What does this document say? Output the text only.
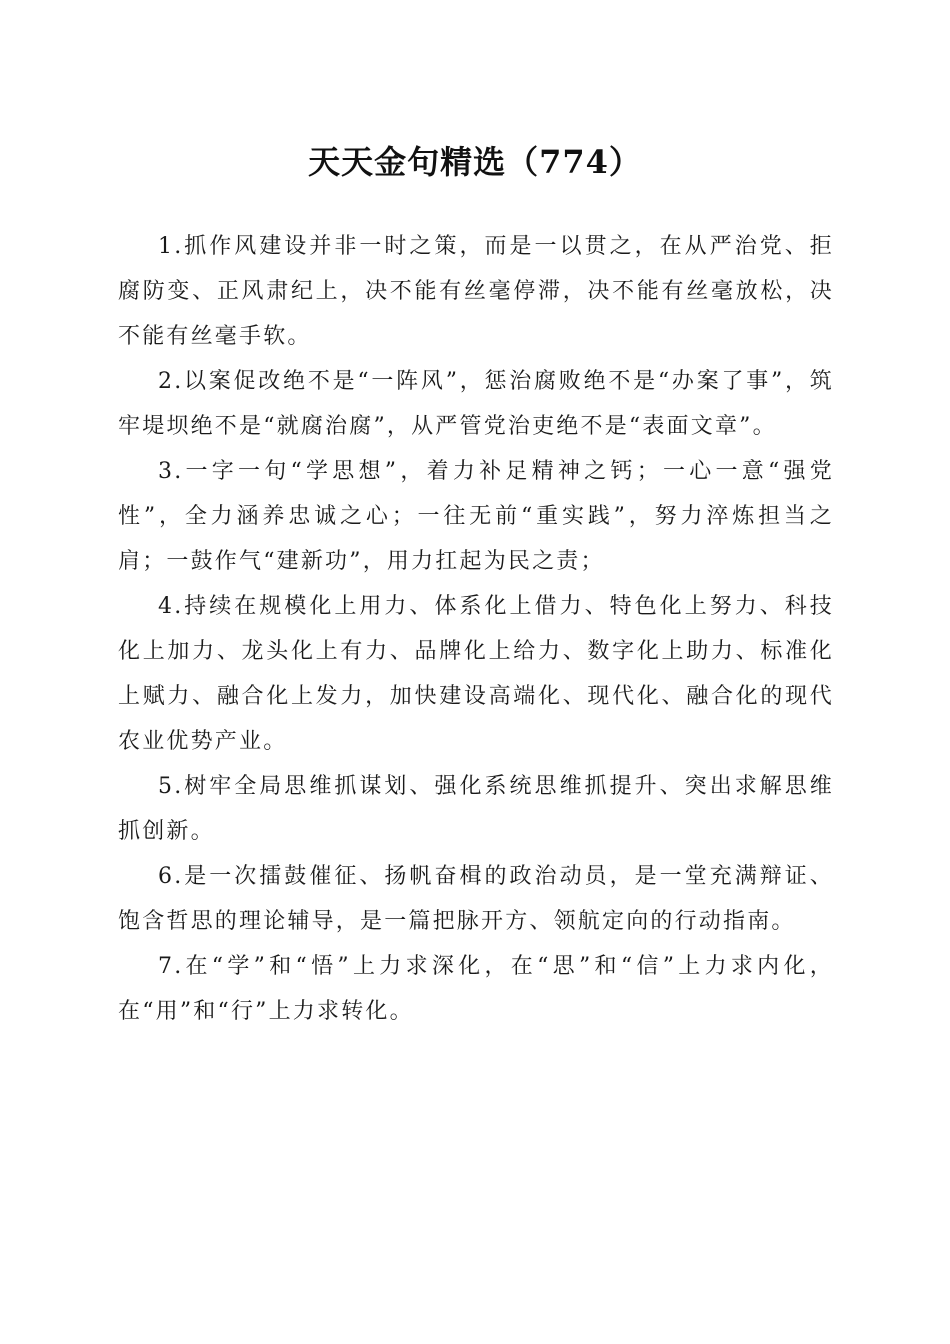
天天金句精选（774）

1.抓作风建设并非一时之策，而是一以贯之，在从严治党、拒腐防变、正风肃纪上，决不能有丝毫停滞，决不能有丝毫放松，决不能有丝毫手软。

2.以案促改绝不是“一阵风”，惩治腐败绝不是“办案了事”，筑牢堤坝绝不是“就腐治腐”，从严管党治吏绝不是“表面文章”。

3.一字一句“学思想”，着力补足精神之钙；一心一意“强党性”，全力涵养忠诚之心；一往无前“重实践”，努力淬炼担当之肩；一鼓作气“建新功”，用力扛起为民之责；

4.持续在规模化上用力、体系化上借力、特色化上努力、科技化上加力、龙头化上有力、品牌化上给力、数字化上助力、标准化上赋力、融合化上发力，加快建设高端化、现代化、融合化的现代农业优势产业。

5.树牢全局思维抓谋划、强化系统思维抓提升、突出求解思维抓创新。

6.是一次擂鼓催征、扬帆奋楫的政治动员，是一堂充满辩证、饱含哲思的理论辅导，是一篇把脉开方、领航定向的行动指南。

7.在“学”和“悟”上力求深化，在“思”和“信”上力求内化，在“用”和“行”上力求转化。
